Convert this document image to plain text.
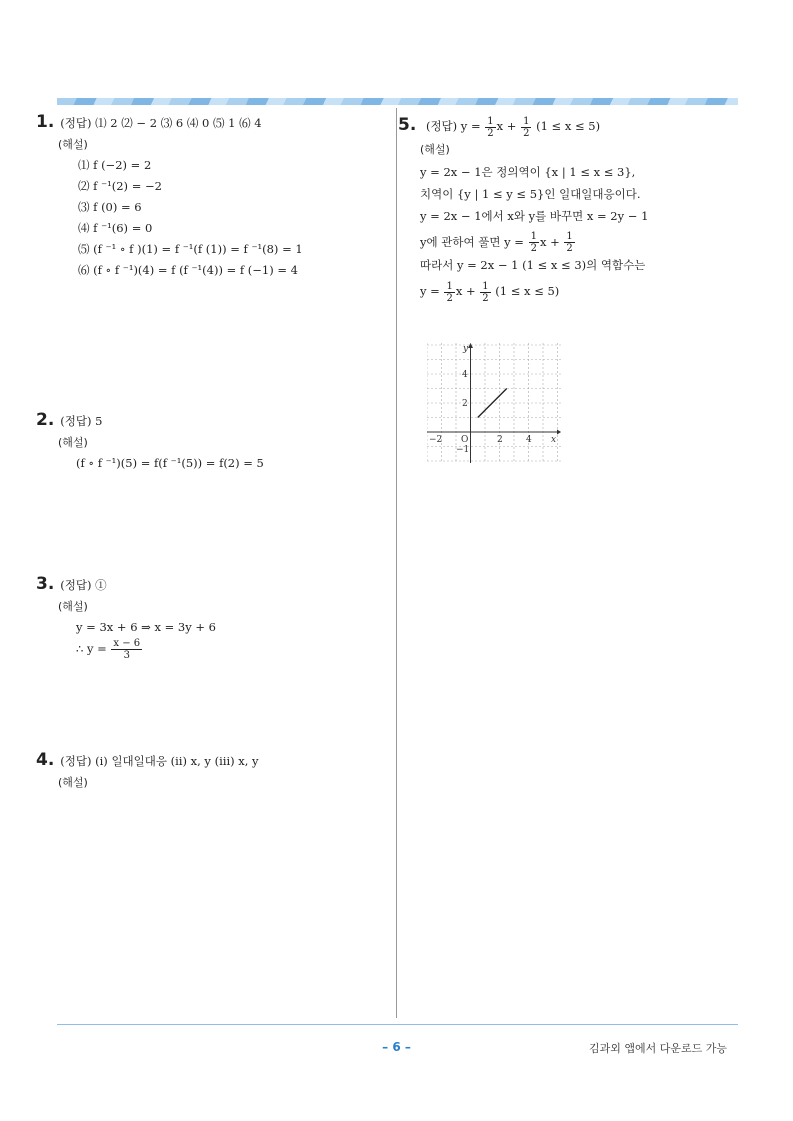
1. (정답) ⑴ 2 ⑵ − 2 ⑶ 6 ⑷ 0 ⑸ 1 ⑹ 4
(해설)
⑴ f (−2) = 2
⑵ f ⁻¹(2) = −2
⑶ f (0) = 6
⑷ f ⁻¹(6) = 0
⑸ (f ⁻¹ ∘ f )(1) = f ⁻¹(f (1)) = f ⁻¹(8) = 1
⑹ (f ∘ f ⁻¹)(4) = f (f ⁻¹(4)) = f (−1) = 4
2. (정답) 5
(해설)
(f ∘ f ⁻¹)(5) = f(f ⁻¹(5)) = f(2) = 5
3. (정답) ①
(해설)
y = 3x + 6 ⇒ x = 3y + 6
∴ $y = \frac{x - 6}{3}$
4. (정답) (ⅰ) 일대일대응 (ⅱ) x, y (ⅲ) x, y
(해설)
5. (정답) $y = \frac{1}{2}$ $x + \frac{1}{2} (1 \le x \le 5)$
(해설)
y = 2x − 1은 정의역이 {x | 1 ≤ x ≤ 3},
치역이 {y | 1 ≤ y ≤ 5}인 일대일대응이다.
y = 2x − 1에서 x와 y를 바꾸면 x = 2y − 1
y에 관하여 풀면 $y = \frac{1}{2}$ $x + \frac{1}{2}$
따라서 y = 2x − 1 (1 ≤ x ≤ 3)의 역함수는
$y = \frac{1}{2}$ $x + \frac{1}{2} (1 \le x \le 5)$
y
x
O
−2	2	4
4
2
−1
– 6 –	김과외 앱에서 다운로드 가능
